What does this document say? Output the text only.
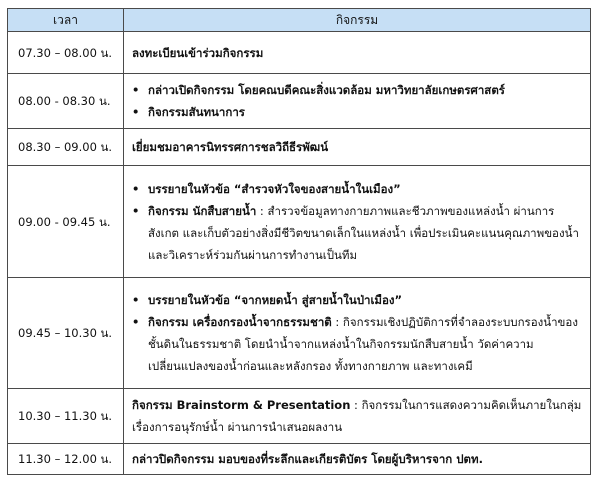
เวลา	กิจกรรม
07.30 – 08.00 น.	ลงทะเบียนเข้าร่วมกิจกรรม
08.00 - 08.30 น.	• กล่าวเปิดกิจกรรม โดยคณบดีคณะสิ่งแวดล้อม มหาวิทยาลัยเกษตรศาสตร์
• กิจกรรมสันทนาการ

08.30 – 09.00 น.	เยี่ยมชมอาคารนิทรรศการชลวิถีธีรพัฒน์
09.00 - 09.45 น.	• บรรยายในหัวข้อ “สำรวจหัวใจของสายน้ำในเมือง”
• กิจกรรม นักสืบสายน้ำ : สำรวจข้อมูลทางกายภาพและชีวภาพของแหล่งน้ำ ผ่านการสังเกต และเก็บตัวอย่างสิ่งมีชีวิตขนาดเล็กในแหล่งน้ำ เพื่อประเมินคะแนนคุณภาพของน้ำ และวิเคราะห์ร่วมกันผ่านการทำงานเป็นทีม

09.45 – 10.30 น.	• บรรยายในหัวข้อ “จากหยดน้ำ สู่สายน้ำในป่าเมือง”
• กิจกรรม เครื่องกรองน้ำจากธรรมชาติ : กิจกรรมเชิงปฏิบัติการที่จำลองระบบกรองน้ำของชั้นดินในธรรมชาติ โดยนำน้ำจากแหล่งน้ำในกิจกรรมนักสืบสายน้ำ วัดค่าความเปลี่ยนแปลงของน้ำก่อนและหลังกรอง ทั้งทางกายภาพ และทางเคมี

10.30 – 11.30 น.	กิจกรรม Brainstorm & Presentation : กิจกรรมในการแสดงความคิดเห็นภายในกลุ่มเรื่องการอนุรักษ์น้ำ ผ่านการนำเสนอผลงาน
11.30 – 12.00 น.	กล่าวปิดกิจกรรม มอบของที่ระลึกและเกียรติบัตร โดยผู้บริหารจาก ปตท.
